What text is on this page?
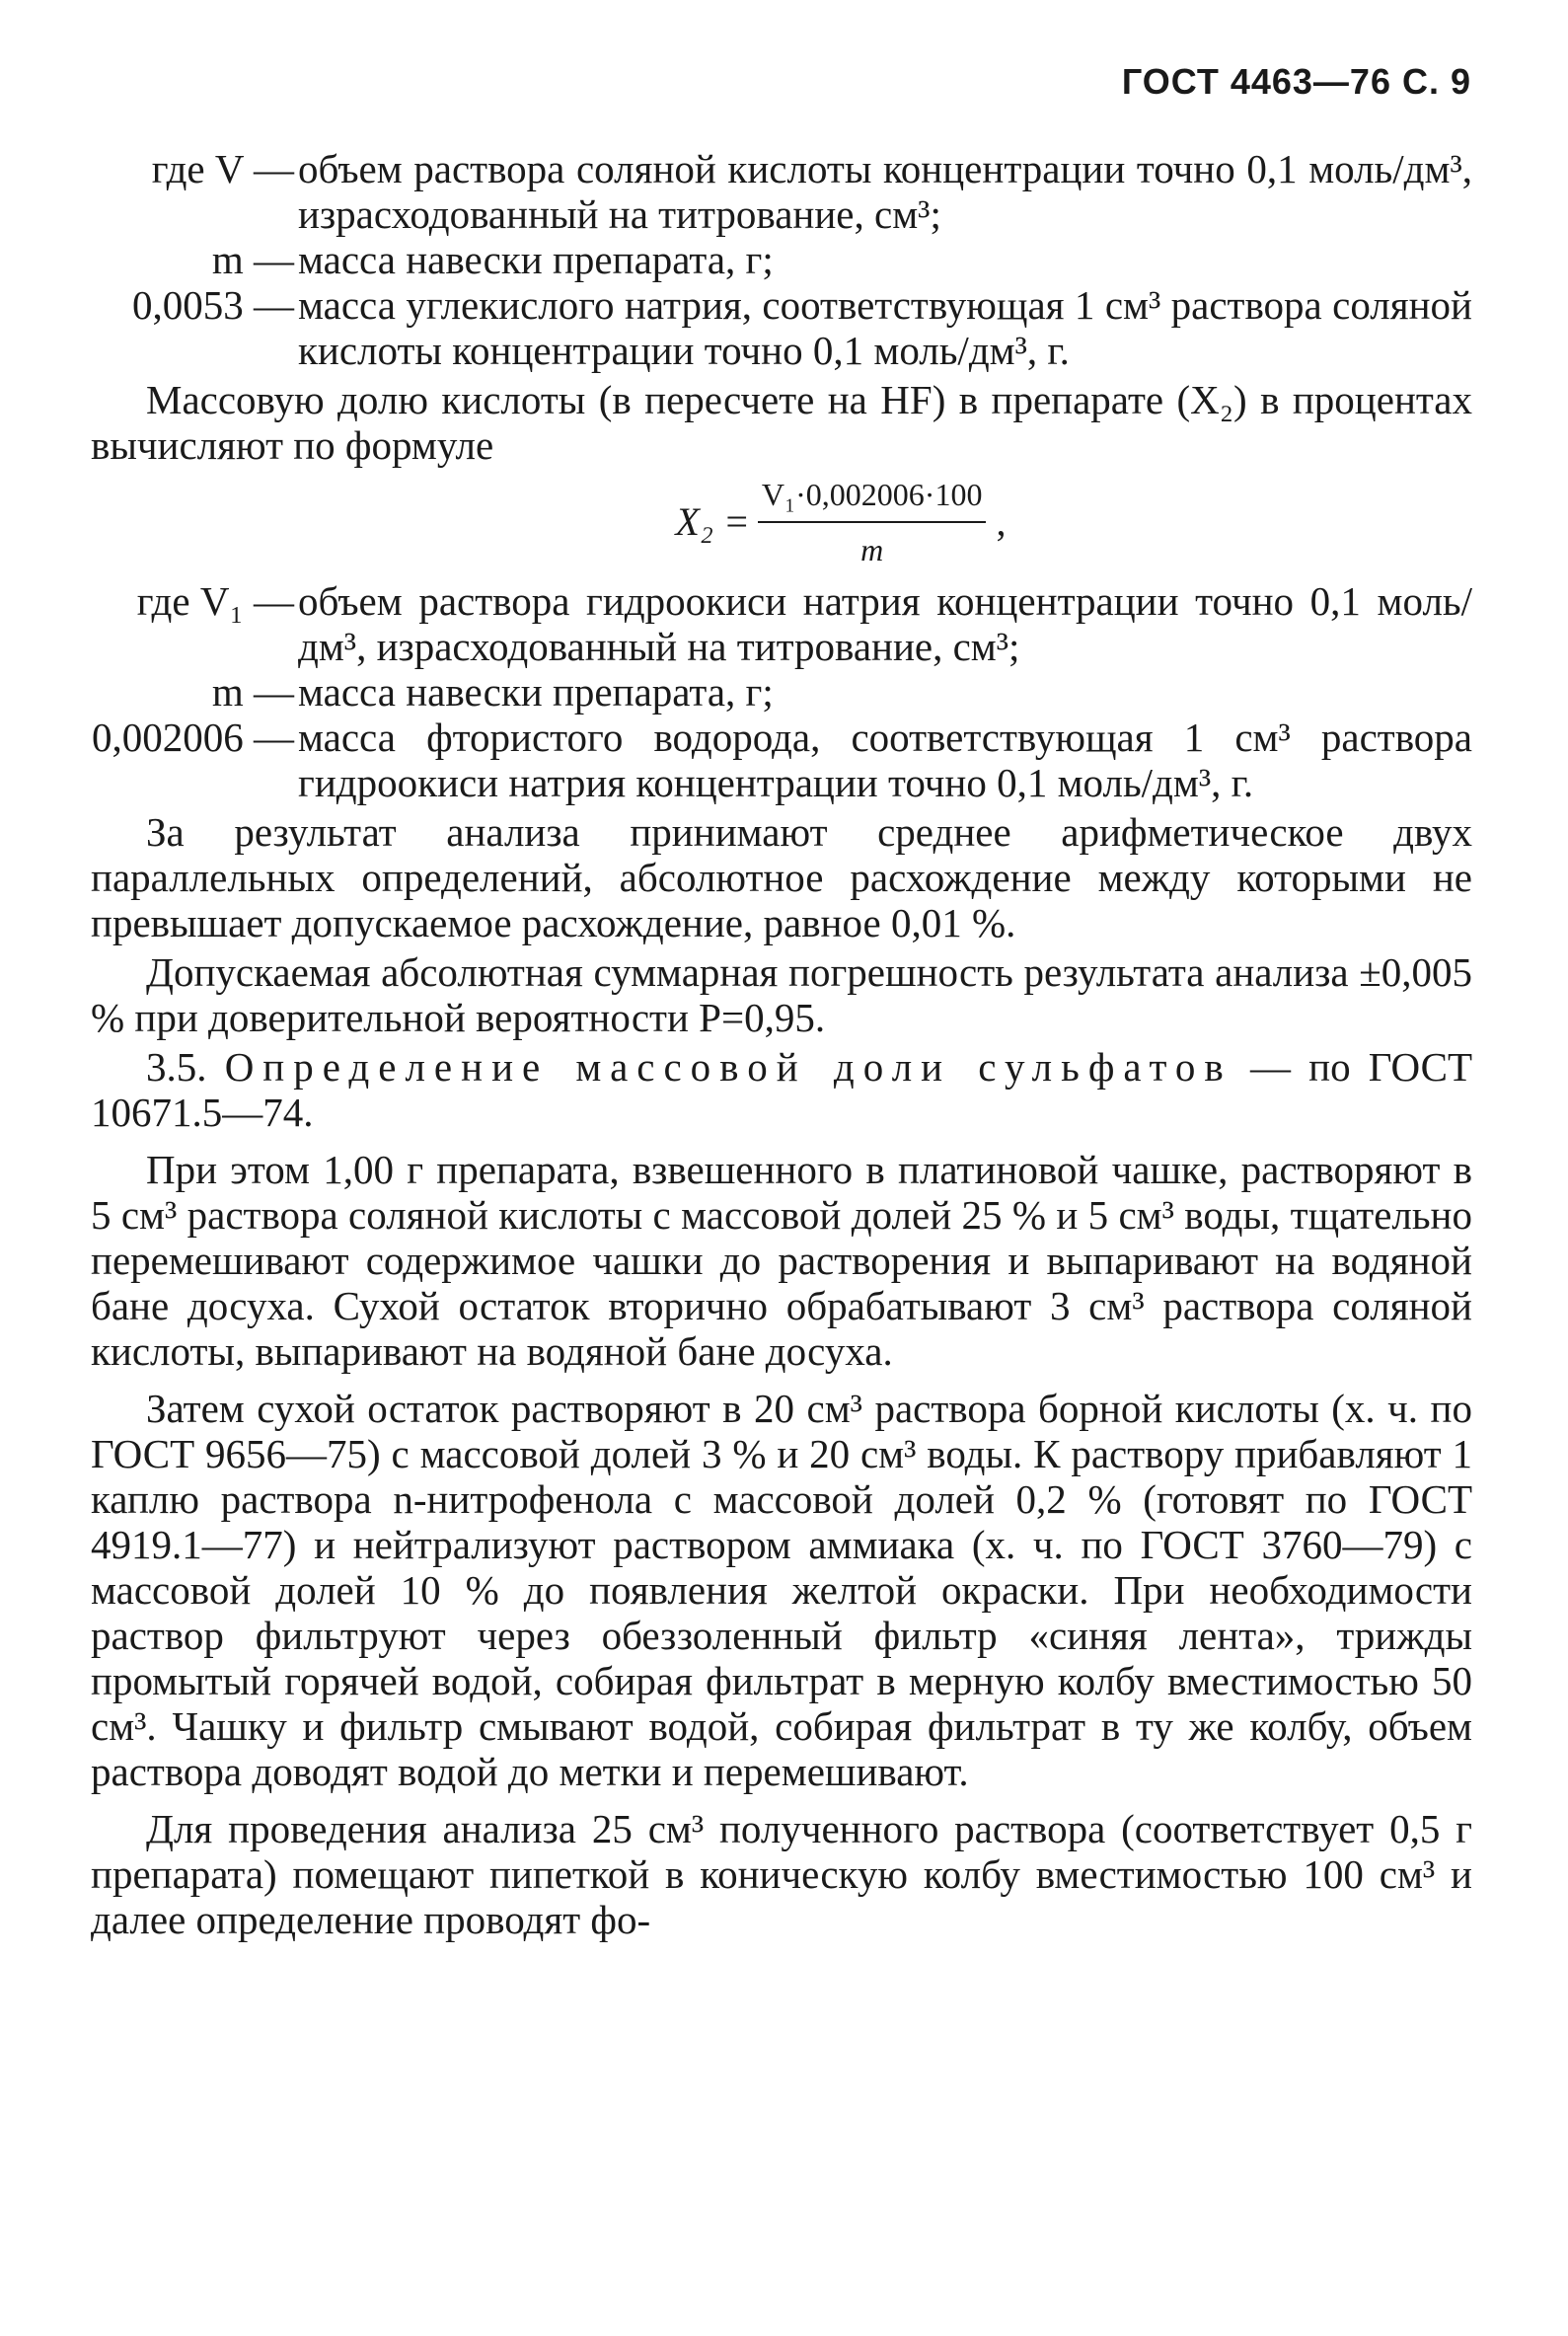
ГОСТ 4463—76 С. 9
где V — объем раствора соляной кислоты концентрации точно 0,1 моль/дм³, израсходованный на титрование, см³;
m — масса навески препарата, г;
0,0053 — масса углекислого натрия, соответствующая 1 см³ раствора соляной кислоты концентрации точно 0,1 моль/дм³, г.

Массовую долю кислоты (в пересчете на HF) в препарате (X₂) в процентах вычисляют по формуле

$X_2 = \frac{\text{V₁·0,002006·100}}{m}$ ,
где V₁ — объем раствора гидроокиси натрия концентрации точно 0,1 моль/дм³, израсходованный на титрование, см³;
m — масса навески препарата, г;
0,002006 — масса фтористого водорода, соответствующая 1 см³ раствора гидроокиси натрия концентрации точно 0,1 моль/дм³, г.

За результат анализа принимают среднее арифметическое двух параллельных определений, абсолютное расхождение между которыми не превышает допускаемое расхождение, равное 0,01 %.

Допускаемая абсолютная суммарная погрешность результата анализа ±0,005 % при доверительной вероятности P=0,95.

3.5. Определение массовой доли сульфатов — по ГОСТ 10671.5—74.

При этом 1,00 г препарата, взвешенного в платиновой чашке, растворяют в 5 см³ раствора соляной кислоты с массовой долей 25 % и 5 см³ воды, тщательно перемешивают содержимое чашки до растворения и выпаривают на водяной бане досуха. Сухой остаток вторично обрабатывают 3 см³ раствора соляной кислоты, выпаривают на водяной бане досуха.

Затем сухой остаток растворяют в 20 см³ раствора борной кислоты (х. ч. по ГОСТ 9656—75) с массовой долей 3 % и 20 см³ воды. К раствору прибавляют 1 каплю раствора n-нитрофенола с массовой долей 0,2 % (готовят по ГОСТ 4919.1—77) и нейтрализуют раствором аммиака (х. ч. по ГОСТ 3760—79) с массовой долей 10 % до появления желтой окраски. При необходимости раствор фильтруют через обеззоленный фильтр «синяя лента», трижды промытый горячей водой, собирая фильтрат в мерную колбу вместимостью 50 см³. Чашку и фильтр смывают водой, собирая фильтрат в ту же колбу, объем раствора доводят водой до метки и перемешивают.

Для проведения анализа 25 см³ полученного раствора (соответствует 0,5 г препарата) помещают пипеткой в коническую колбу вместимостью 100 см³ и далее определение проводят фо-
